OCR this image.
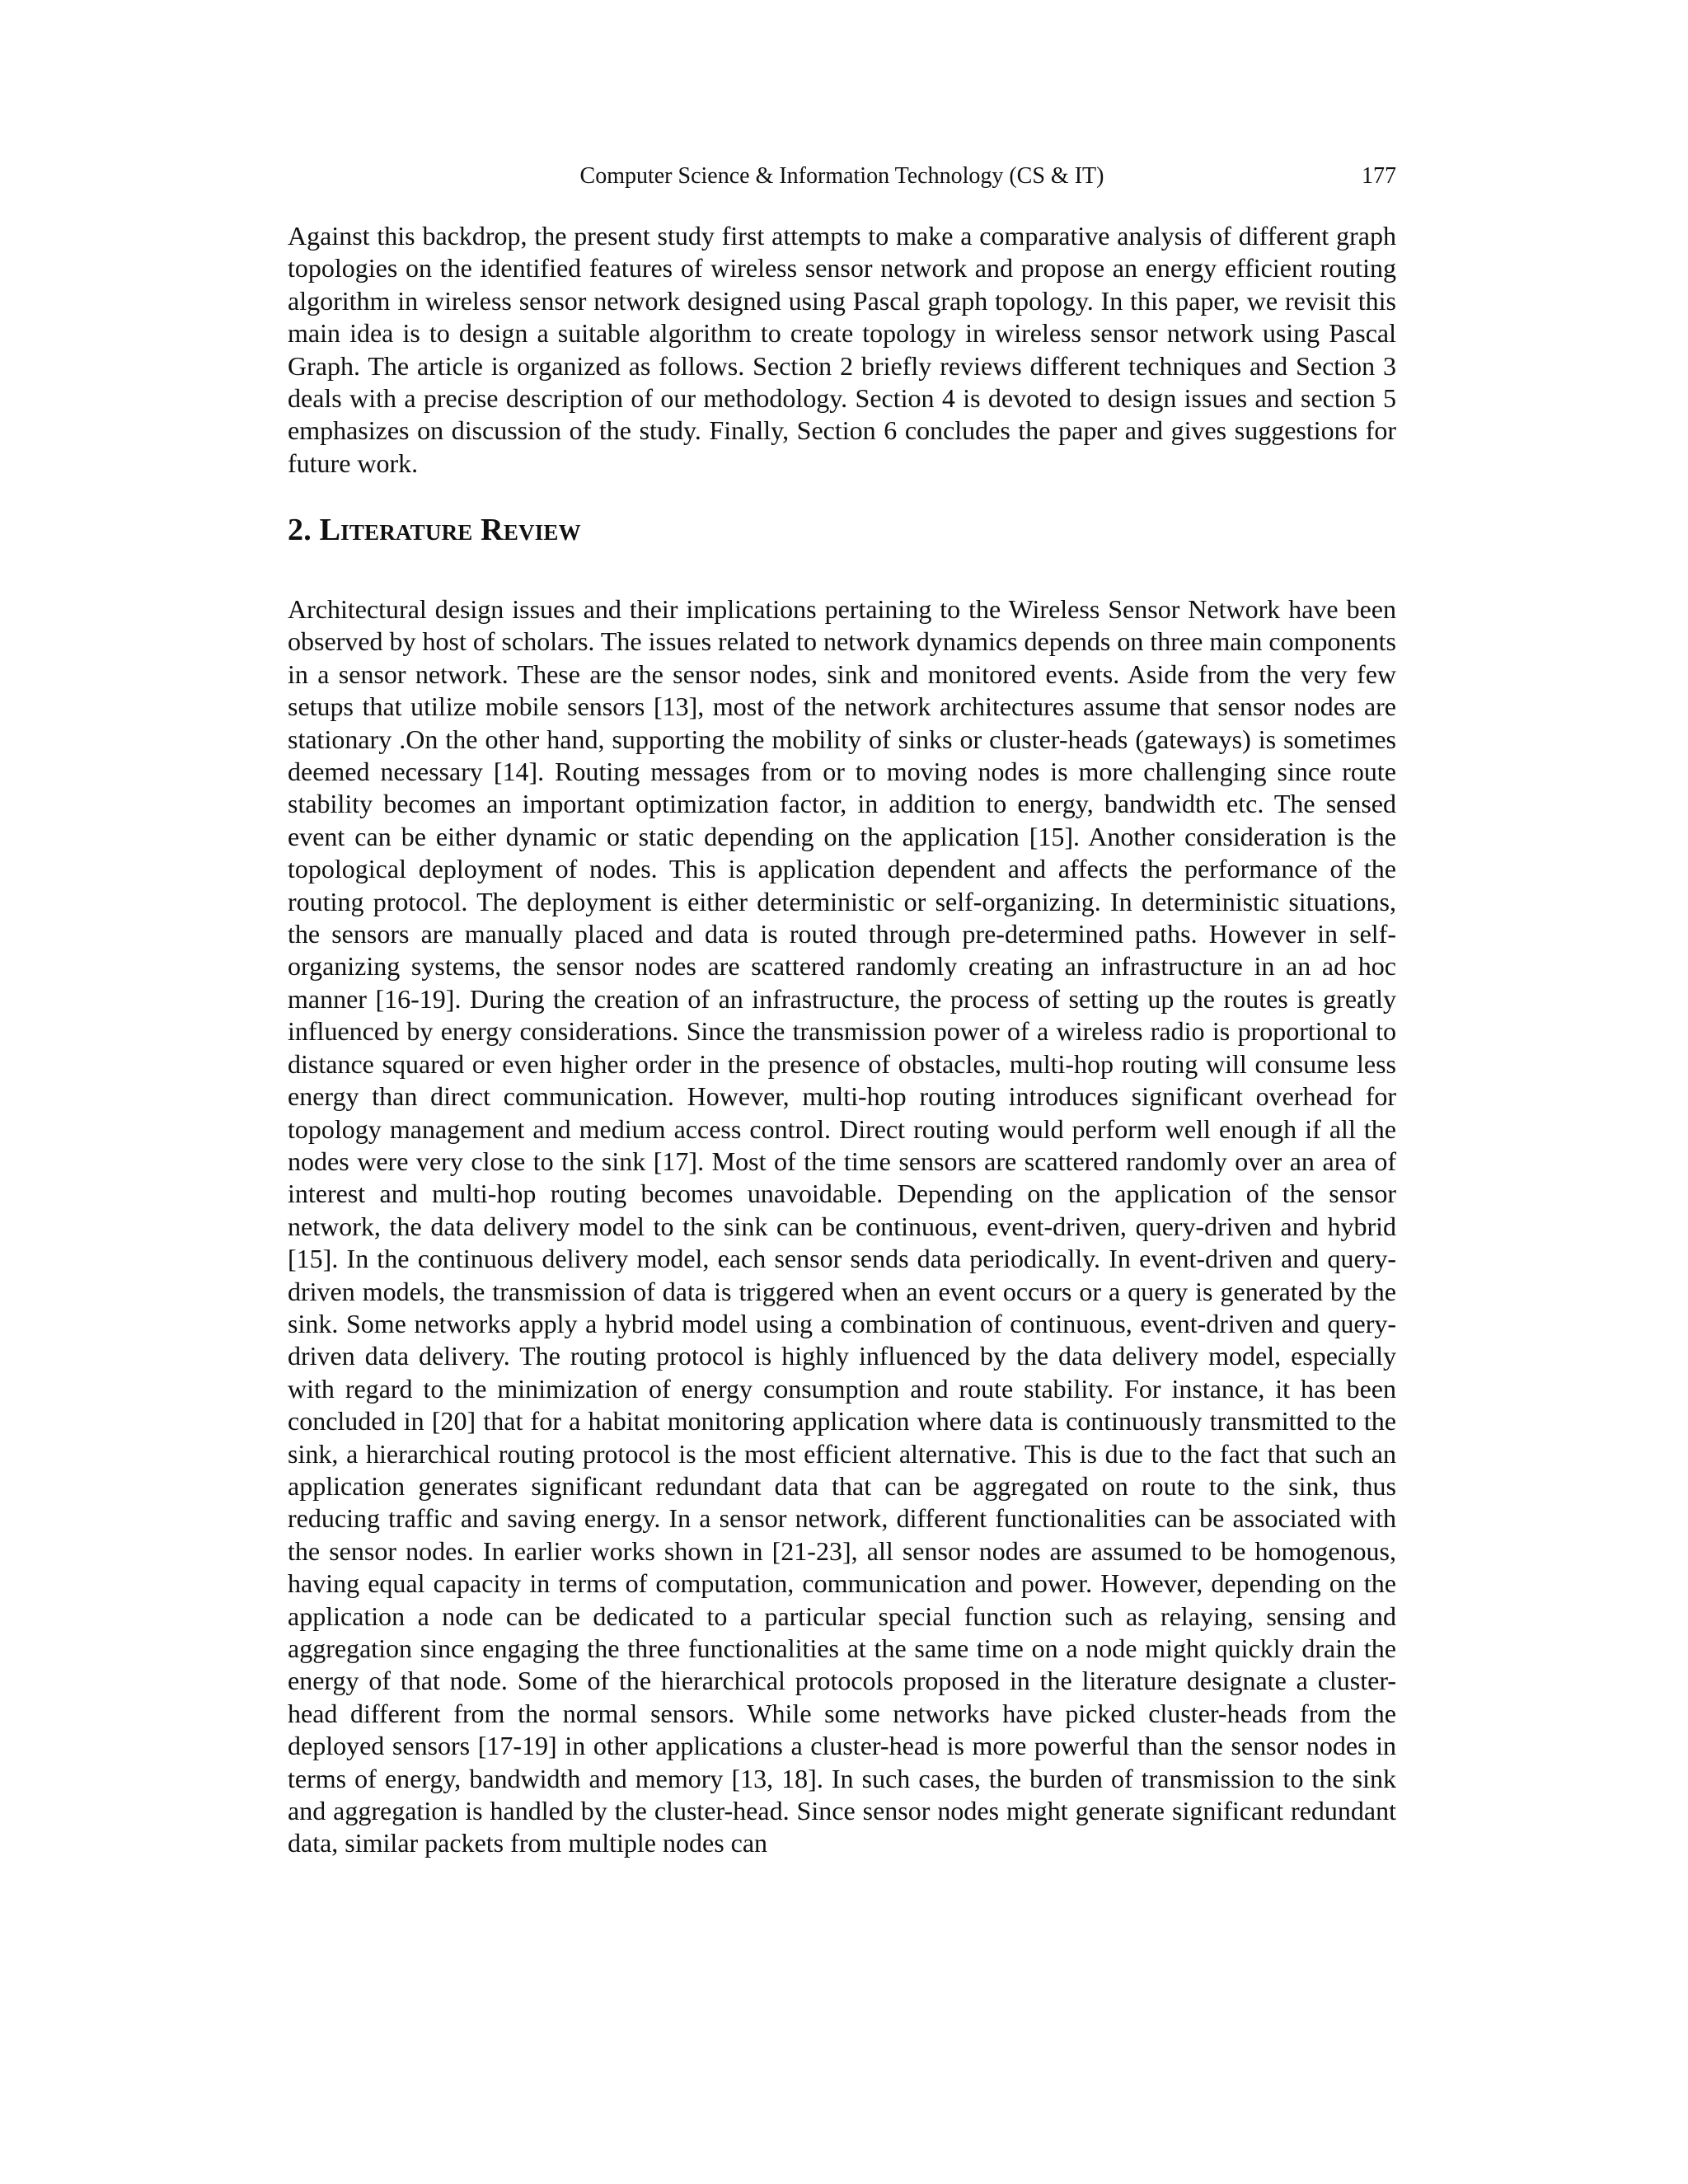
Computer Science & Information Technology (CS & IT)	177

Against this backdrop, the present study first attempts to make a comparative analysis of different graph topologies on the identified features of wireless sensor network and propose an energy efficient routing algorithm in wireless sensor network designed using Pascal graph topology. In this paper, we revisit this main idea is to design a suitable algorithm to create topology in wireless sensor network using Pascal Graph. The article is organized as follows. Section 2 briefly reviews different techniques and Section 3 deals with a precise description of our methodology. Section 4 is devoted to design issues and section 5 emphasizes on discussion of the study. Finally, Section 6 concludes the paper and gives suggestions for future work.

2. Literature Review

Architectural design issues and their implications pertaining to the Wireless Sensor Network have been observed by host of scholars. The issues related to network dynamics depends on three main components in a sensor network. These are the sensor nodes, sink and monitored events. Aside from the very few setups that utilize mobile sensors [13], most of the network architectures assume that sensor nodes are stationary .On the other hand, supporting the mobility of sinks or cluster-heads (gateways) is sometimes deemed necessary [14]. Routing messages from or to moving nodes is more challenging since route stability becomes an important optimization factor, in addition to energy, bandwidth etc. The sensed event can be either dynamic or static depending on the application [15]. Another consideration is the topological deployment of nodes. This is application dependent and affects the performance of the routing protocol. The deployment is either deterministic or self-organizing. In deterministic situations, the sensors are manually placed and data is routed through pre-determined paths. However in self-organizing systems, the sensor nodes are scattered randomly creating an infrastructure in an ad hoc manner [16-19]. During the creation of an infrastructure, the process of setting up the routes is greatly influenced by energy considerations. Since the transmission power of a wireless radio is proportional to distance squared or even higher order in the presence of obstacles, multi-hop routing will consume less energy than direct communication. However, multi-hop routing introduces significant overhead for topology management and medium access control. Direct routing would perform well enough if all the nodes were very close to the sink [17]. Most of the time sensors are scattered randomly over an area of interest and multi-hop routing becomes unavoidable. Depending on the application of the sensor network, the data delivery model to the sink can be continuous, event-driven, query-driven and hybrid [15]. In the continuous delivery model, each sensor sends data periodically. In event-driven and query-driven models, the transmission of data is triggered when an event occurs or a query is generated by the sink. Some networks apply a hybrid model using a combination of continuous, event-driven and query-driven data delivery. The routing protocol is highly influenced by the data delivery model, especially with regard to the minimization of energy consumption and route stability. For instance, it has been concluded in [20] that for a habitat monitoring application where data is continuously transmitted to the sink, a hierarchical routing protocol is the most efficient alternative. This is due to the fact that such an application generates significant redundant data that can be aggregated on route to the sink, thus reducing traffic and saving energy. In a sensor network, different functionalities can be associated with the sensor nodes. In earlier works shown in [21-23], all sensor nodes are assumed to be homogenous, having equal capacity in terms of computation, communication and power. However, depending on the application a node can be dedicated to a particular special function such as relaying, sensing and aggregation since engaging the three functionalities at the same time on a node might quickly drain the energy of that node. Some of the hierarchical protocols proposed in the literature designate a cluster-head different from the normal sensors. While some networks have picked cluster-heads from the deployed sensors [17-19] in other applications a cluster-head is more powerful than the sensor nodes in terms of energy, bandwidth and memory [13, 18]. In such cases, the burden of transmission to the sink and aggregation is handled by the cluster-head. Since sensor nodes might generate significant redundant data, similar packets from multiple nodes can
